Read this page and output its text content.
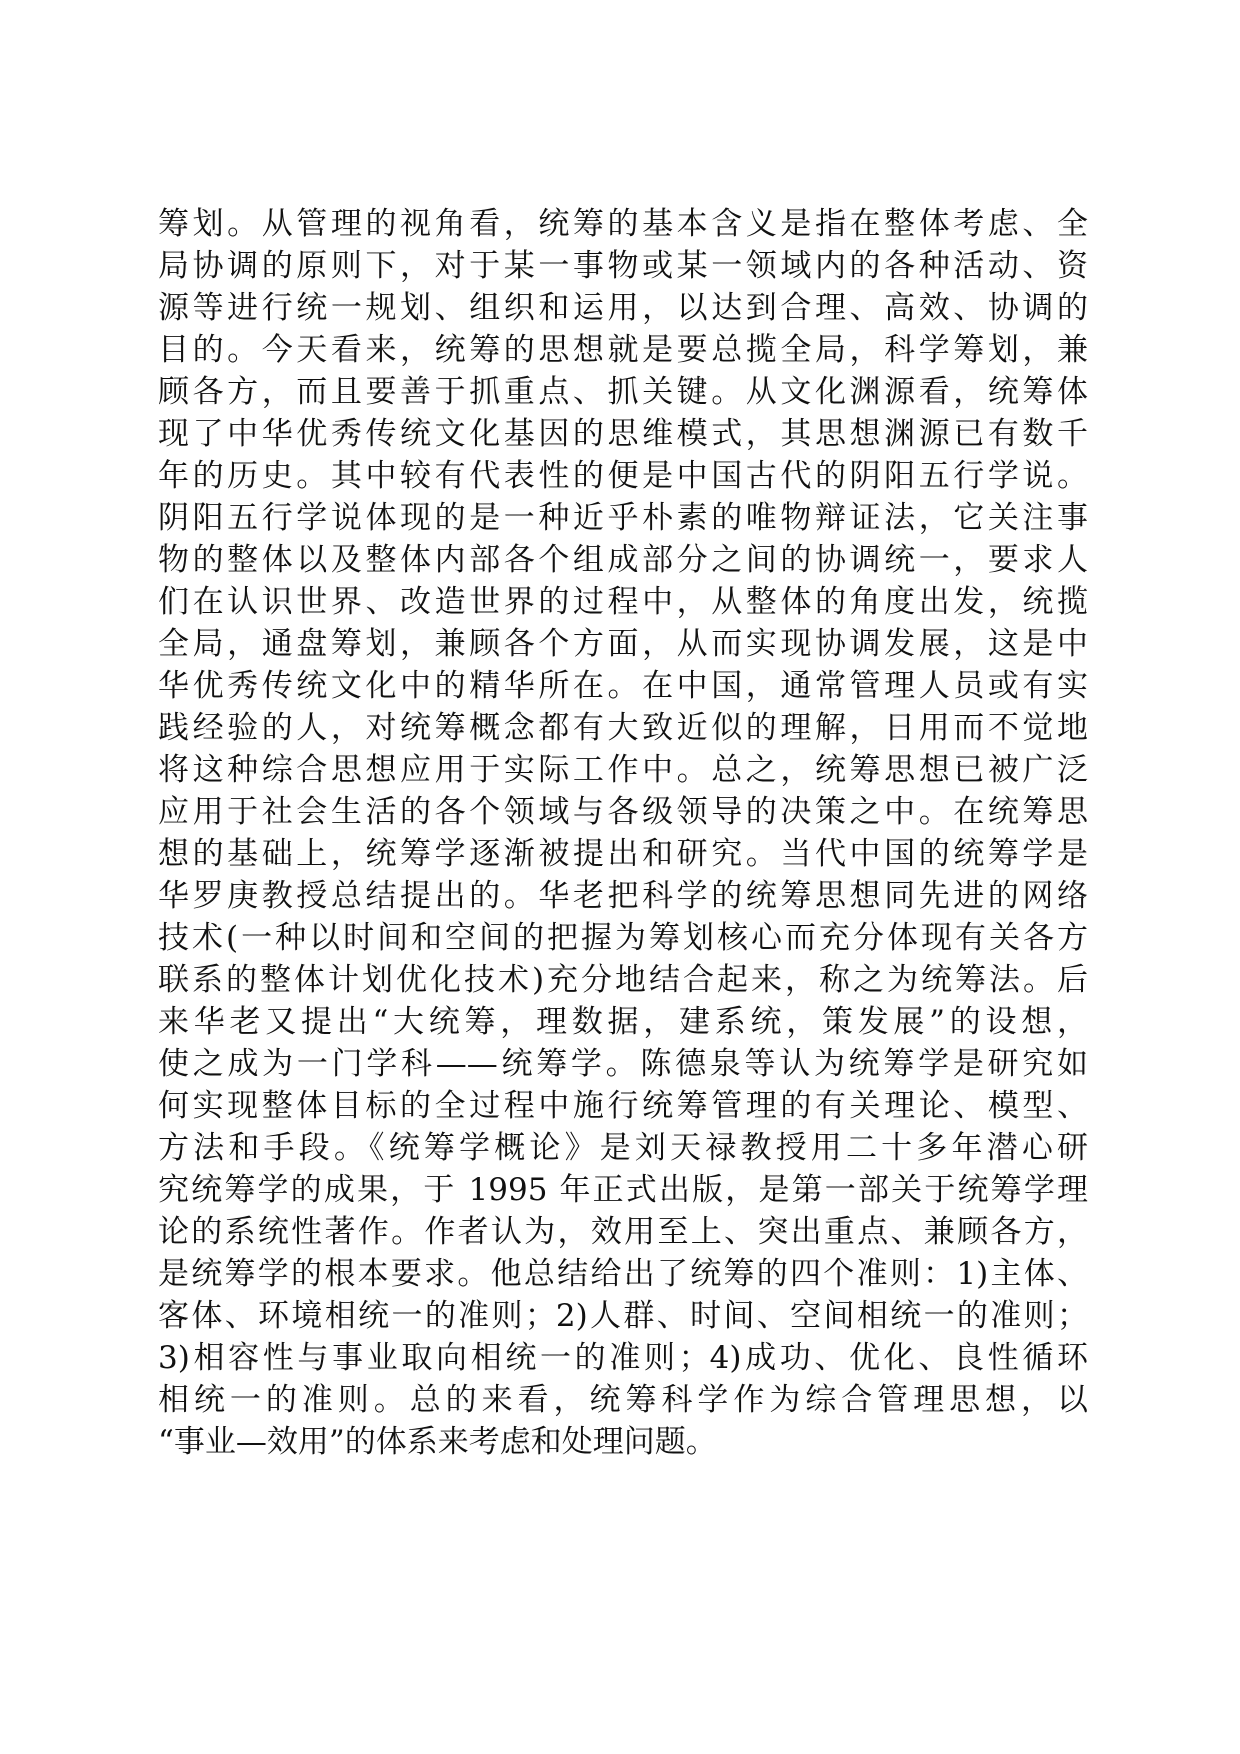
筹划。从管理的视角看，统筹的基本含义是指在整体考虑、全
局协调的原则下，对于某一事物或某一领域内的各种活动、资
源等进行统一规划、组织和运用，以达到合理、高效、协调的
目的。今天看来，统筹的思想就是要总揽全局，科学筹划，兼
顾各方，而且要善于抓重点、抓关键。从文化渊源看，统筹体
现了中华优秀传统文化基因的思维模式，其思想渊源已有数千
年的历史。其中较有代表性的便是中国古代的阴阳五行学说。
阴阳五行学说体现的是一种近乎朴素的唯物辩证法，它关注事
物的整体以及整体内部各个组成部分之间的协调统一，要求人
们在认识世界、改造世界的过程中，从整体的角度出发，统揽
全局，通盘筹划，兼顾各个方面，从而实现协调发展，这是中
华优秀传统文化中的精华所在。在中国，通常管理人员或有实
践经验的人，对统筹概念都有大致近似的理解，日用而不觉地
将这种综合思想应用于实际工作中。总之，统筹思想已被广泛
应用于社会生活的各个领域与各级领导的决策之中。在统筹思
想的基础上，统筹学逐渐被提出和研究。当代中国的统筹学是
华罗庚教授总结提出的。华老把科学的统筹思想同先进的网络
技术(一种以时间和空间的把握为筹划核心而充分体现有关各方
联系的整体计划优化技术)充分地结合起来，称之为统筹法。后
来华老又提出“大统筹，理数据，建系统，策发展”的设想，
使之成为一门学科——统筹学。陈德泉等认为统筹学是研究如
何实现整体目标的全过程中施行统筹管理的有关理论、模型、
方法和手段。《统筹学概论》是刘天禄教授用二十多年潜心研
究统筹学的成果，于 1995 年正式出版，是第一部关于统筹学理
论的系统性著作。作者认为，效用至上、突出重点、兼顾各方，
是统筹学的根本要求。他总结给出了统筹的四个准则：1)主体、
客体、环境相统一的准则；2)人群、时间、空间相统一的准则；
3)相容性与事业取向相统一的准则；4)成功、优化、良性循环
相统一的准则。总的来看，统筹科学作为综合管理思想，以
“事业—效用”的体系来考虑和处理问题。
